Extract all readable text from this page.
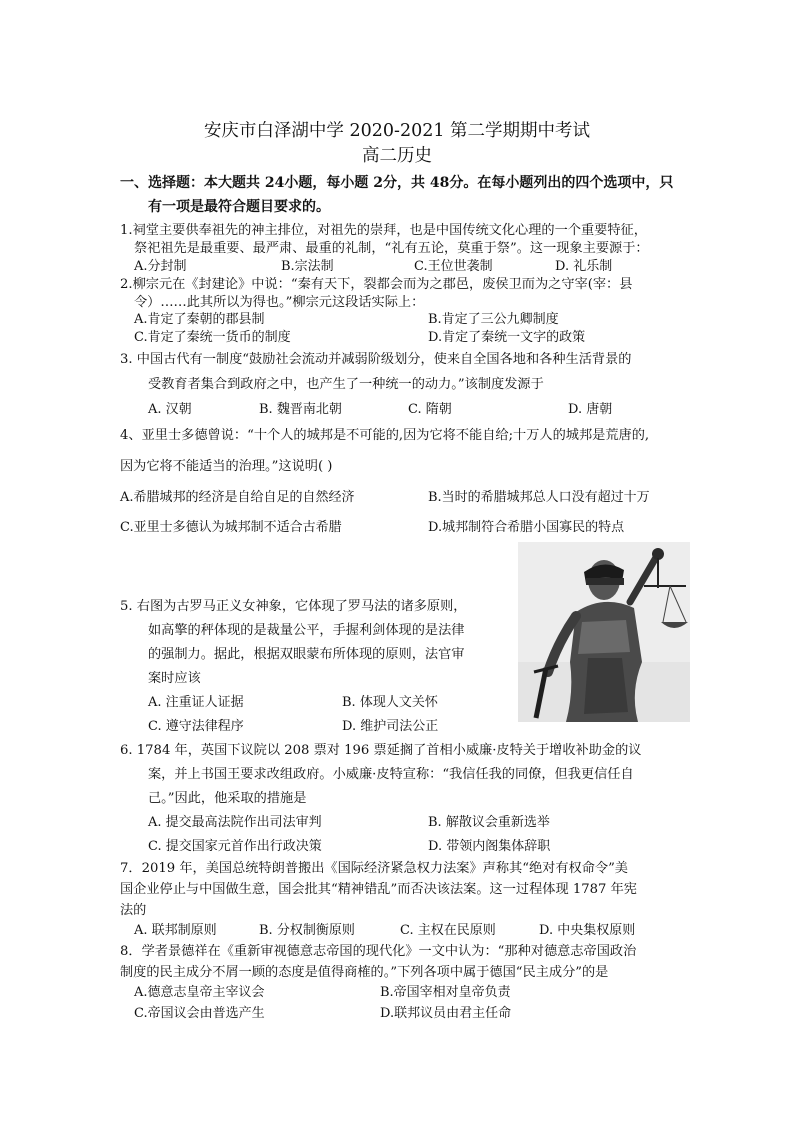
安庆市白泽湖中学 2020-2021 第二学期期中考试
高二历史
一、选择题：本大题共 24小题，每小题 2分，共 48分。在每小题列出的四个选项中，只
有一项是最符合题目要求的。
1.祠堂主要供奉祖先的神主排位，对祖先的崇拜，也是中国传统文化心理的一个重要特征，
祭祀祖先是最重要、最严肃、最重的礼制，“礼有五论，莫重于祭”。这一现象主要源于：
A.分封制	B.宗法制	C.王位世袭制	D. 礼乐制
2.柳宗元在《封建论》中说：“秦有天下，裂都会而为之郡邑，废侯卫而为之守宰(宰：县
令）……此其所以为得也。”柳宗元这段话实际上：
A.肯定了秦朝的郡县制	B.肯定了三公九卿制度
C.肯定了秦统一货币的制度	D.肯定了秦统一文字的政策
3. 中国古代有一制度“鼓励社会流动并减弱阶级划分，使来自全国各地和各种生活背景的
受教育者集合到政府之中，也产生了一种统一的动力。”该制度发源于
A. 汉朝	B. 魏晋南北朝	C. 隋朝	D. 唐朝
4、亚里士多德曾说：“十个人的城邦是不可能的,因为它将不能自给;十万人的城邦是荒唐的,
因为它将不能适当的治理。”这说明( )
A.希腊城邦的经济是自给自足的自然经济	B.当时的希腊城邦总人口没有超过十万
C.亚里士多德认为城邦制不适合古希腊	D.城邦制符合希腊小国寡民的特点
5. 右图为古罗马正义女神象，它体现了罗马法的诸多原则，
如高擎的秤体现的是裁量公平，手握利剑体现的是法律
的强制力。据此，根据双眼蒙布所体现的原则，法官审
案时应该
A. 注重证人证据	B. 体现人文关怀
C. 遵守法律程序	D. 维护司法公正
6. 1784 年，英国下议院以 208 票对 196 票延搁了首相小威廉·皮特关于增收补助金的议
案，并上书国王要求改组政府。小威廉·皮特宣称：“我信任我的同僚，但我更信任自
己。”因此，他采取的措施是
A. 提交最高法院作出司法审判	B. 解散议会重新选举
C. 提交国家元首作出行政决策	D. 带领内阁集体辞职
7．2019 年，美国总统特朗普搬出《国际经济紧急权力法案》声称其“绝对有权命令”美
国企业停止与中国做生意，国会批其“精神错乱”而否决该法案。这一过程体现 1787 年宪
法的
A. 联邦制原则	B. 分权制衡原则	C. 主权在民原则	D. 中央集权原则
8．学者景德祥在《重新审视德意志帝国的现代化》一文中认为：“那种对德意志帝国政治
制度的民主成分不屑一顾的态度是值得商榷的。”下列各项中属于德国“民主成分”的是
A.德意志皇帝主宰议会	B.帝国宰相对皇帝负责
C.帝国议会由普选产生	D.联邦议员由君主任命
